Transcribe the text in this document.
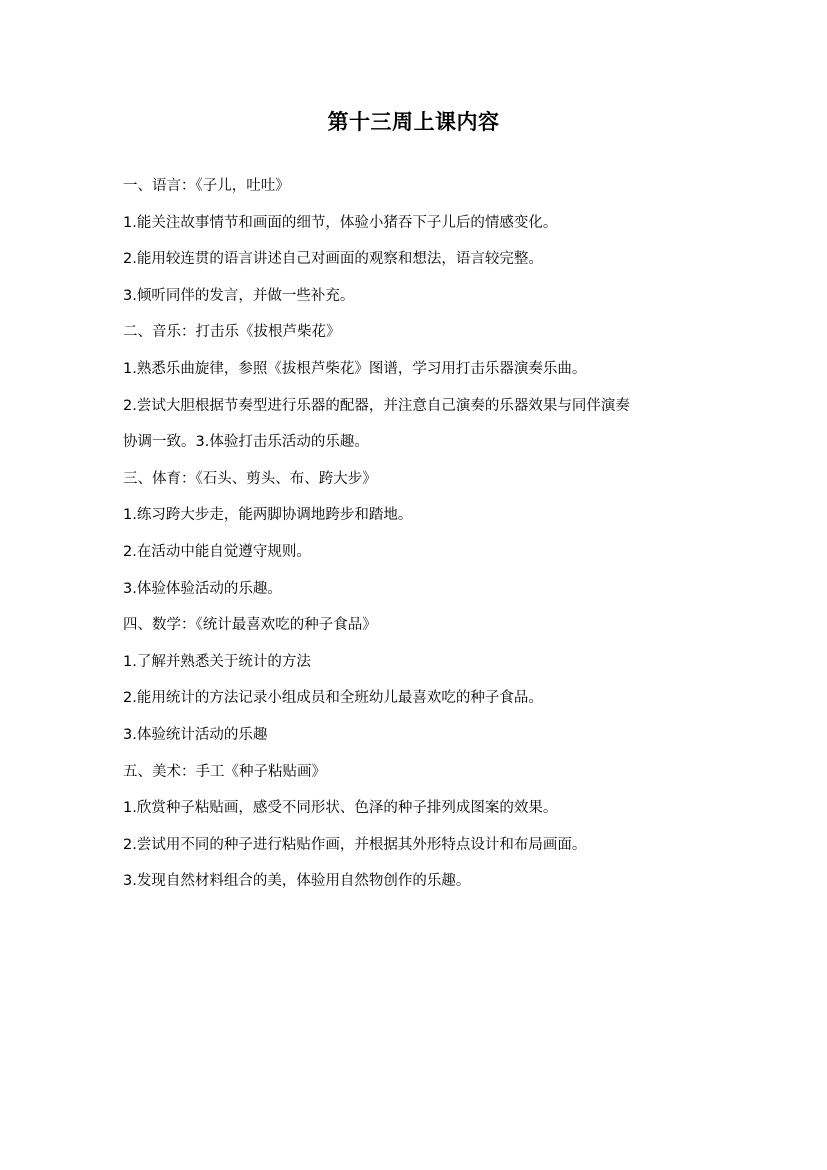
第十三周上课内容
一、语言：《子儿，吐吐》
1.能关注故事情节和画面的细节，体验小猪吞下子儿后的情感变化。
2.能用较连贯的语言讲述自己对画面的观察和想法，语言较完整。
3.倾听同伴的发言，并做一些补充。
二、音乐：打击乐《拔根芦柴花》
1.熟悉乐曲旋律，参照《拔根芦柴花》图谱，学习用打击乐器演奏乐曲。
2.尝试大胆根据节奏型进行乐器的配器，并注意自己演奏的乐器效果与同伴演奏
协调一致。3.体验打击乐活动的乐趣。
三、体育：《石头、剪头、布、跨大步》
1.练习跨大步走，能两脚协调地跨步和踏地。
2.在活动中能自觉遵守规则。
3.体验体验活动的乐趣。
四、数学：《统计最喜欢吃的种子食品》
1.了解并熟悉关于统计的方法
2.能用统计的方法记录小组成员和全班幼儿最喜欢吃的种子食品。
3.体验统计活动的乐趣
五、美术：手工《种子粘贴画》
1.欣赏种子粘贴画，感受不同形状、色泽的种子排列成图案的效果。
2.尝试用不同的种子进行粘贴作画，并根据其外形特点设计和布局画面。
3.发现自然材料组合的美，体验用自然物创作的乐趣。
